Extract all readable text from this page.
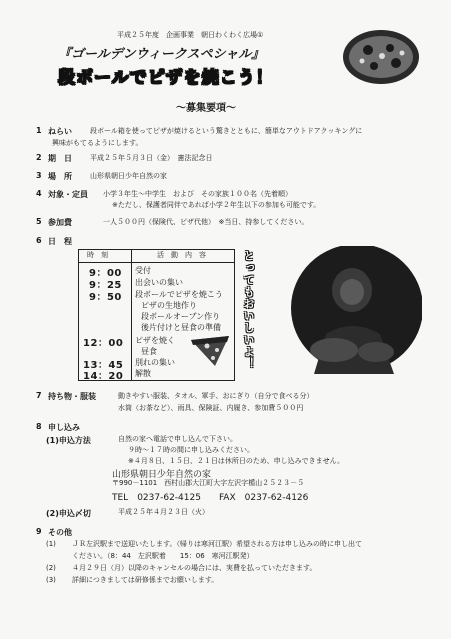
平成２５年度　企画事業　朝日わくわく広場①
『ゴールデンウィークスペシャル』
段ボールでピザを焼こう！
～募集要項～
1 ねらい	段ボール箱を使ってピザが焼けるという驚きとともに、簡単なアウトドアクッキングに
興味がもてるようにします。
2 期　日	平成２５年５月３日（金）　憲法記念日
3 場　所	山形県朝日少年自然の家
4 対象・定員 小学３年生～中学生　および　その家族１００名（先着順）
※ただし、保護者同伴であれば小学２年生以下の参加も可能です。
5 参加費	一人５００円（保険代、ピザ代他）　※当日、持参してください。
6 日　程
時　刻	活　動　内　容
9：00 受付
9：25 出会いの集い
9：50 段ボールでピザを焼こう
ピザの生地作り
段ボールオーブン作り
後片付けと昼食の準備
12：00 ピザを焼く
昼食
13：45 別れの集い
14：20 解散
とってもおいしいよ！
7 持ち物・服装	動きやすい服装、タオル、軍手、おにぎり（自分で食べる分）
水筒（お茶など）、雨具、保険証、内履き、参加費５００円
8 申し込み
(1)申込方法	自然の家へ電話で申し込んで下さい。
９時～１７時の間に申し込みください。
※４月８日、１５日、２１日は休所日のため、申し込みできません。
山形県朝日少年自然の家
〒990－1101　西村山郡大江町大字左沢字楯山２５２３－５
TEL　0237-62-4125　　FAX　0237-62-4126
(2)申込〆切	平成２５年４月２３日（火）
9 その他
(1) ＪＲ左沢駅まで送迎いたします。（帰りは寒河江駅）希望される方は申し込みの時に申し出て
ください。（8：44　左沢駅着　　15：06　寒河江駅発）
(2) ４月２９日（月）以降のキャンセルの場合には、実費を払っていただきます。
(3) 詳細につきましては研修係までお願いします。
